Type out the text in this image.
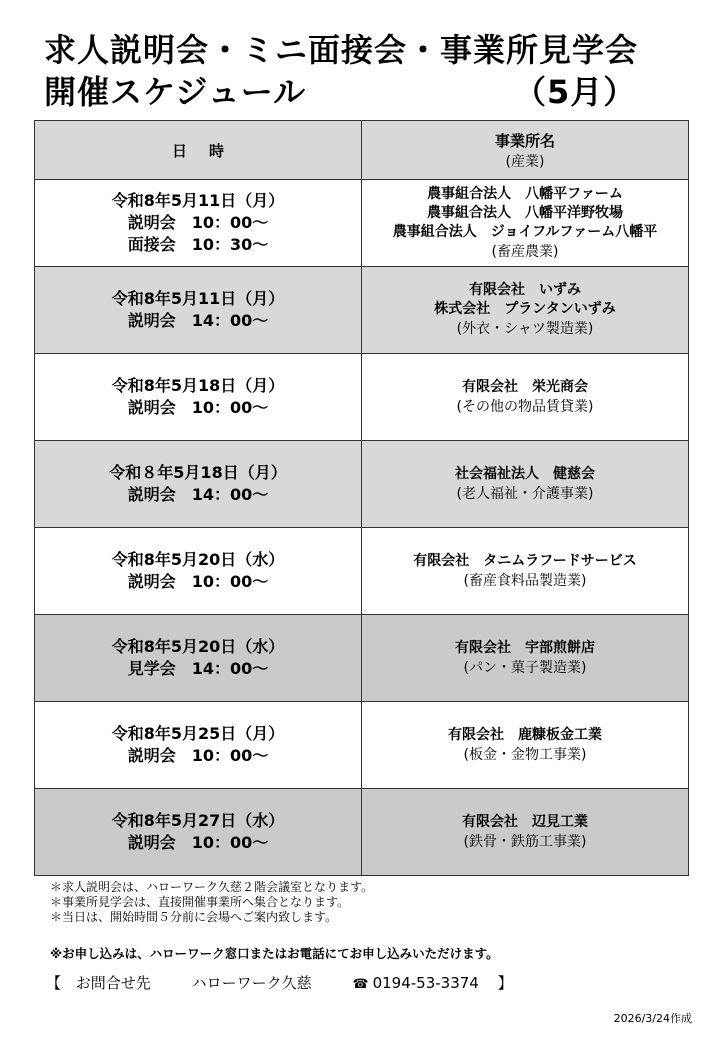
求人説明会・ミニ面接会・事業所見学会
開催スケジュール	（5月）
日時	事業所名
(産業)

令和8年5月11日（月）
説明会　10：00〜
面接会　10：30〜	農事組合法人　八幡平ファーム
農事組合法人　八幡平洋野牧場
農事組合法人　ジョイフルファーム八幡平
(畜産農業)

令和8年5月11日（月）
説明会　14：00〜	有限会社　いずみ
株式会社　プランタンいずみ
(外衣・シャツ製造業)

令和8年5月18日（月）
説明会　10：00〜	有限会社　栄光商会
(その他の物品賃貸業)

令和８年5月18日（月）
説明会　14：00〜	社会福祉法人　健慈会
(老人福祉・介護事業)

令和8年5月20日（水）
説明会　10：00〜	有限会社　タニムラフードサービス
(畜産食料品製造業)

令和8年5月20日（水）
見学会　14：00〜	有限会社　宇部煎餅店
(パン・菓子製造業)

令和8年5月25日（月）
説明会　10：00〜	有限会社　鹿糠板金工業
(板金・金物工事業)

令和8年5月27日（水）
説明会　10：00〜	有限会社　辺見工業
(鉄骨・鉄筋工事業)
＊求人説明会は、ハローワーク久慈２階会議室となります。
＊事業所見学会は、直接開催事業所へ集合となります。
＊当日は、開始時間５分前に会場へご案内致します。
※お申し込みは、ハローワーク窓口またはお電話にてお申し込みいただけます。
【 お問合せ先	ハローワーク久慈	☎ 0194-53-3374 】
2026/3/24作成
